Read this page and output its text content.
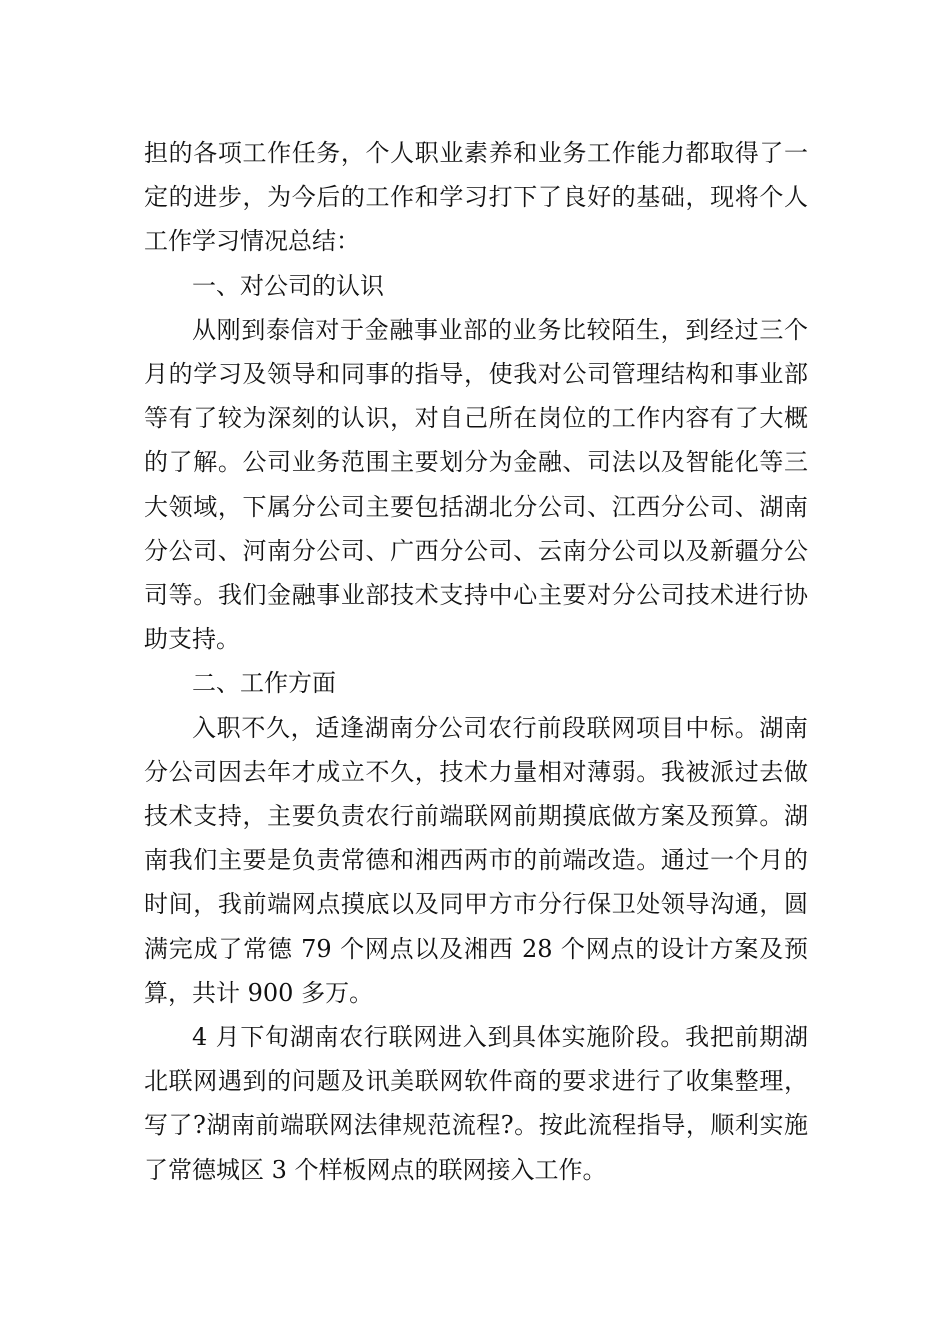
担的各项工作任务，个人职业素养和业务工作能力都取得了一定的进步，为今后的工作和学习打下了良好的基础，现将个人工作学习情况总结：

一、对公司的认识

从刚到泰信对于金融事业部的业务比较陌生，到经过三个月的学习及领导和同事的指导，使我对公司管理结构和事业部等有了较为深刻的认识，对自己所在岗位的工作内容有了大概的了解。公司业务范围主要划分为金融、司法以及智能化等三大领域，下属分公司主要包括湖北分公司、江西分公司、湖南分公司、河南分公司、广西分公司、云南分公司以及新疆分公司等。我们金融事业部技术支持中心主要对分公司技术进行协助支持。

二、工作方面

入职不久，适逢湖南分公司农行前段联网项目中标。湖南分公司因去年才成立不久，技术力量相对薄弱。我被派过去做技术支持，主要负责农行前端联网前期摸底做方案及预算。湖南我们主要是负责常德和湘西两市的前端改造。通过一个月的时间，我前端网点摸底以及同甲方市分行保卫处领导沟通，圆满完成了常德 79 个网点以及湘西 28 个网点的设计方案及预算，共计 900 多万。

4 月下旬湖南农行联网进入到具体实施阶段。我把前期湖北联网遇到的问题及讯美联网软件商的要求进行了收集整理，写了?湖南前端联网法律规范流程?。按此流程指导，顺利实施了常德城区 3 个样板网点的联网接入工作。
